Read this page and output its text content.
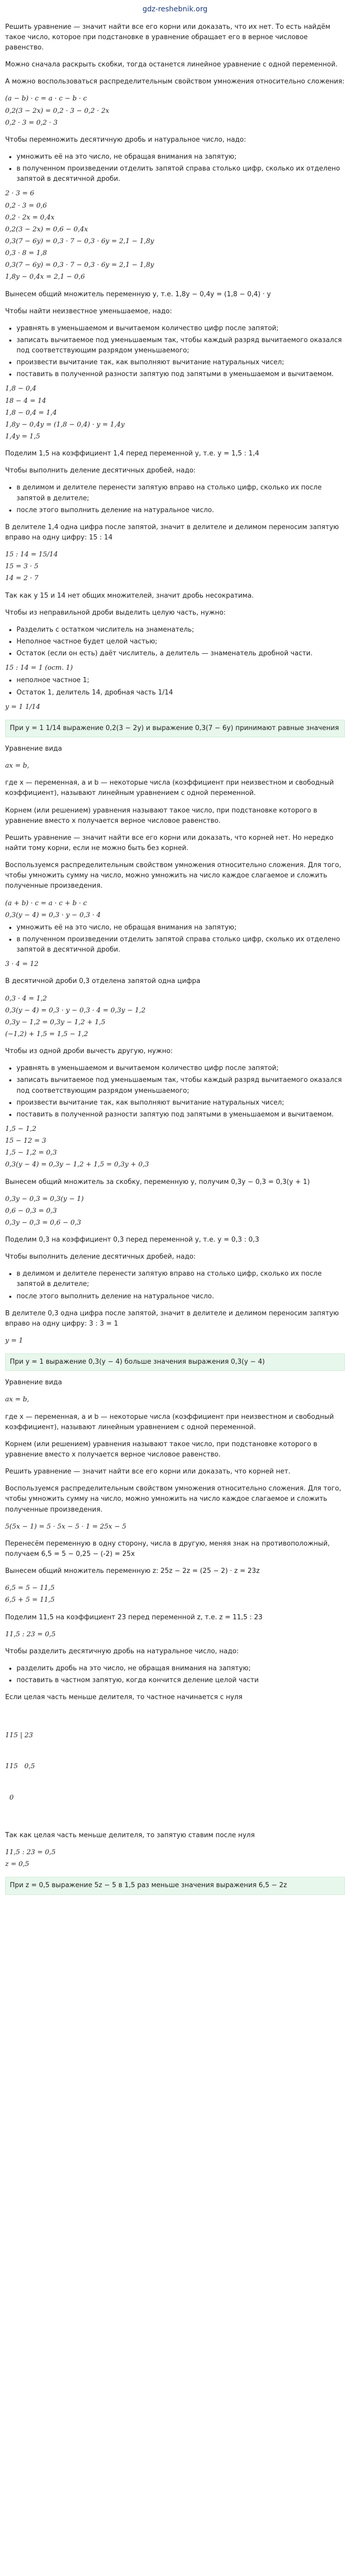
gdz-reshebnik.org

Решить уравнение — значит найти все его корни или доказать, что их нет. То есть найдём такое число, которое при подстановке в уравнение обращает его в верное числовое равенство.

Можно сначала раскрыть скобки, тогда останется линейное уравнение с одной переменной.

А можно воспользоваться распределительным свойством умножения относительно сложения:

(a − b) · c = a · c − b · c
0,2(3 − 2x) = 0,2 · 3 − 0,2 · 2x
0,2 · 3 = 0,2 · 3

Чтобы перемножить десятичную дробь и натуральное число, надо:

• умножить её на это число, не обращая внимания на запятую;
• в полученном произведении отделить запятой справа столько цифр, сколько их отделено запятой в десятичной дроби.
2 · 3 = 6
0,2 · 3 = 0,6
0,2 · 2x = 0,4x
0,2(3 − 2x) = 0,6 − 0,4x
0,3(7 − 6y) = 0,3 · 7 − 0,3 · 6y = 2,1 − 1,8y
0,3 · 8 = 1,8
0,3(7 − 6y) = 0,3 · 7 − 0,3 · 6y = 2,1 − 1,8y
1,8y − 0,4x = 2,1 − 0,6

Вынесем общий множитель переменную y, т.е. 1,8y − 0,4y = (1,8 − 0,4) · y

Чтобы найти неизвестное уменьшаемое, надо:

• уравнять в уменьшаемом и вычитаемом количество цифр после запятой;
• записать вычитаемое под уменьшаемым так, чтобы каждый разряд вычитаемого оказался под соответствующим разрядом уменьшаемого;
• произвести вычитание так, как выполняют вычитание натуральных чисел;
• поставить в полученной разности запятую под запятыми в уменьшаемом и вычитаемом.
1,8 − 0,4
18 − 4 = 14
1,8 − 0,4 = 1,4
1,8y − 0,4y = (1,8 − 0,4) · y = 1,4y
1,4y = 1,5

Поделим 1,5 на коэффициент 1,4 перед переменной y, т.е. y = 1,5 : 1,4

Чтобы выполнить деление десятичных дробей, надо:

• в делимом и делителе перенести запятую вправо на столько цифр, сколько их после запятой в делителе;
• после этого выполнить деление на натуральное число.

В делителе 1,4 одна цифра после запятой, значит в делителе и делимом переносим запятую вправо на одну цифру: 15 : 14

15 : 14 = 15/14
15 = 3 · 5
14 = 2 · 7

Так как у 15 и 14 нет общих множителей, значит дробь несократима.

Чтобы из неправильной дроби выделить целую часть, нужно:

• Разделить с остатком числитель на знаменатель;
• Неполное частное будет целой частью;
• Остаток (если он есть) даёт числитель, а делитель — знаменатель дробной части.
15 : 14 = 1 (ост. 1)
• неполное частное 1;
• Остаток 1, делитель 14, дробная часть 1/14
y = 1 1/14
При y = 1 1/14 выражение 0,2(3 − 2y) и выражение 0,3(7 − 6y) принимают равные значения

Уравнение вида

ax = b,

где x — переменная, a и b — некоторые числа (коэффициент при неизвестном и свободный коэффициент), называют линейным уравнением с одной переменной.

Корнем (или решением) уравнения называют такое число, при подстановке которого в уравнение вместо x получается верное числовое равенство.

Решить уравнение — значит найти все его корни или доказать, что корней нет. Но нередко найти тому корни, если не можно быть без корней.

Воспользуемся распределительным свойством умножения относительно сложения. Для того, чтобы умножить сумму на число, можно умножить на число каждое слагаемое и сложить полученные произведения.

(a + b) · c = a · c + b · c
0,3(y − 4) = 0,3 · y − 0,3 · 4
• умножить её на это число, не обращая внимания на запятую;
• в полученном произведении отделить запятой справа столько цифр, сколько их отделено запятой в десятичной дроби.
3 · 4 = 12

В десятичной дроби 0,3 отделена запятой одна цифра

0,3 · 4 = 1,2
0,3(y − 4) = 0,3 · y − 0,3 · 4 = 0,3y − 1,2
0,3y − 1,2 = 0,3y − 1,2 + 1,5
(−1,2) + 1,5 = 1,5 − 1,2

Чтобы из одной дроби вычесть другую, нужно:

• уравнять в уменьшаемом и вычитаемом количество цифр после запятой;
• записать вычитаемое под уменьшаемым так, чтобы каждый разряд вычитаемого оказался под соответствующим разрядом уменьшаемого;
• произвести вычитание так, как выполняют вычитание натуральных чисел;
• поставить в полученной разности запятую под запятыми в уменьшаемом и вычитаемом.
1,5 − 1,2
15 − 12 = 3
1,5 − 1,2 = 0,3
0,3(y − 4) = 0,3y − 1,2 + 1,5 = 0,3y + 0,3

Вынесем общий множитель за скобку, переменную y, получим 0,3y − 0,3 = 0,3(y + 1)

0,3y − 0,3 = 0,3(y − 1)
0,6 − 0,3 = 0,3
0,3y − 0,3 = 0,6 − 0,3

Поделим 0,3 на коэффициент 0,3 перед переменной y, т.е. y = 0,3 : 0,3

Чтобы выполнить деление десятичных дробей, надо:

• в делимом и делителе перенести запятую вправо на столько цифр, сколько их после запятой в делителе;
• после этого выполнить деление на натуральное число.

В делителе 0,3 одна цифра после запятой, значит в делителе и делимом переносим запятую вправо на одну цифру: 3 : 3 = 1

y = 1
При y = 1 выражение 0,3(y − 4) больше значения выражения 0,3(y − 4)

Уравнение вида

ax = b,

где x — переменная, a и b — некоторые числа (коэффициент при неизвестном и свободный коэффициент), называют линейным уравнением с одной переменной.

Корнем (или решением) уравнения называют такое число, при подстановке которого в уравнение вместо x получается верное числовое равенство.

Решить уравнение — значит найти все его корни или доказать, что корней нет.

Воспользуемся распределительным свойством умножения относительно сложения. Для того, чтобы умножить сумму на число, можно умножить на число каждое слагаемое и сложить полученные произведения.

5(5x − 1) = 5 · 5x − 5 · 1 = 25x − 5

Перенесём переменную в одну сторону, числа в другую, меняя знак на противоположный, получаем 6,5 = 5 − 0,25 − (-2) = 25x

Вынесем общий множитель переменную z: 25z − 2z = (25 − 2) · z = 23z

6,5 = 5 − 11,5
6,5 + 5 = 11,5

Поделим 11,5 на коэффициент 23 перед переменной z, т.е. z = 11,5 : 23

11,5 : 23 = 0,5

Чтобы разделить десятичную дробь на натуральное число, надо:

• разделить дробь на это число, не обращая внимания на запятую;
• поставить в частном запятую, когда кончится деление целой части

Если целая часть меньше делителя, то частное начинается с нуля

115 | 23

115   0,5

0

Так как целая часть меньше делителя, то запятую ставим после нуля

11,5 : 23 = 0,5
z = 0,5
При z = 0,5 выражение 5z − 5 в 1,5 раз меньше значения выражения 6,5 − 2z
